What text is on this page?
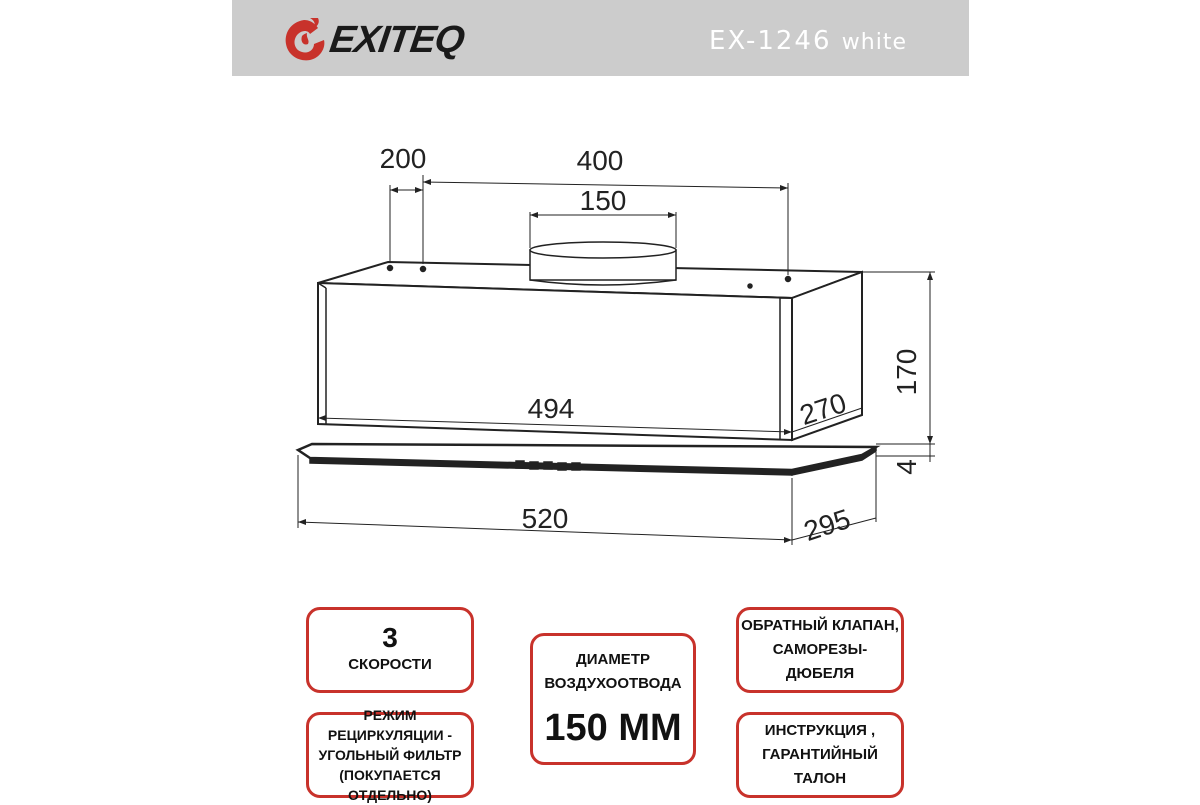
EXITEQ	EX-1246 white
200	400
150
170
494	270
4
520	295
3
СКОРОСТИ
РЕЖИМ РЕЦИРКУЛЯЦИИ -
УГОЛЬНЫЙ ФИЛЬТР
(ПОКУПАЕТСЯ ОТДЕЛЬНО)
ДИАМЕТР
ВОЗДУХООТВОДА
150 ММ
ОБРАТНЫЙ КЛАПАН,
САМОРЕЗЫ-ДЮБЕЛЯ
ИНСТРУКЦИЯ ,
ГАРАНТИЙНЫЙ ТАЛОН
